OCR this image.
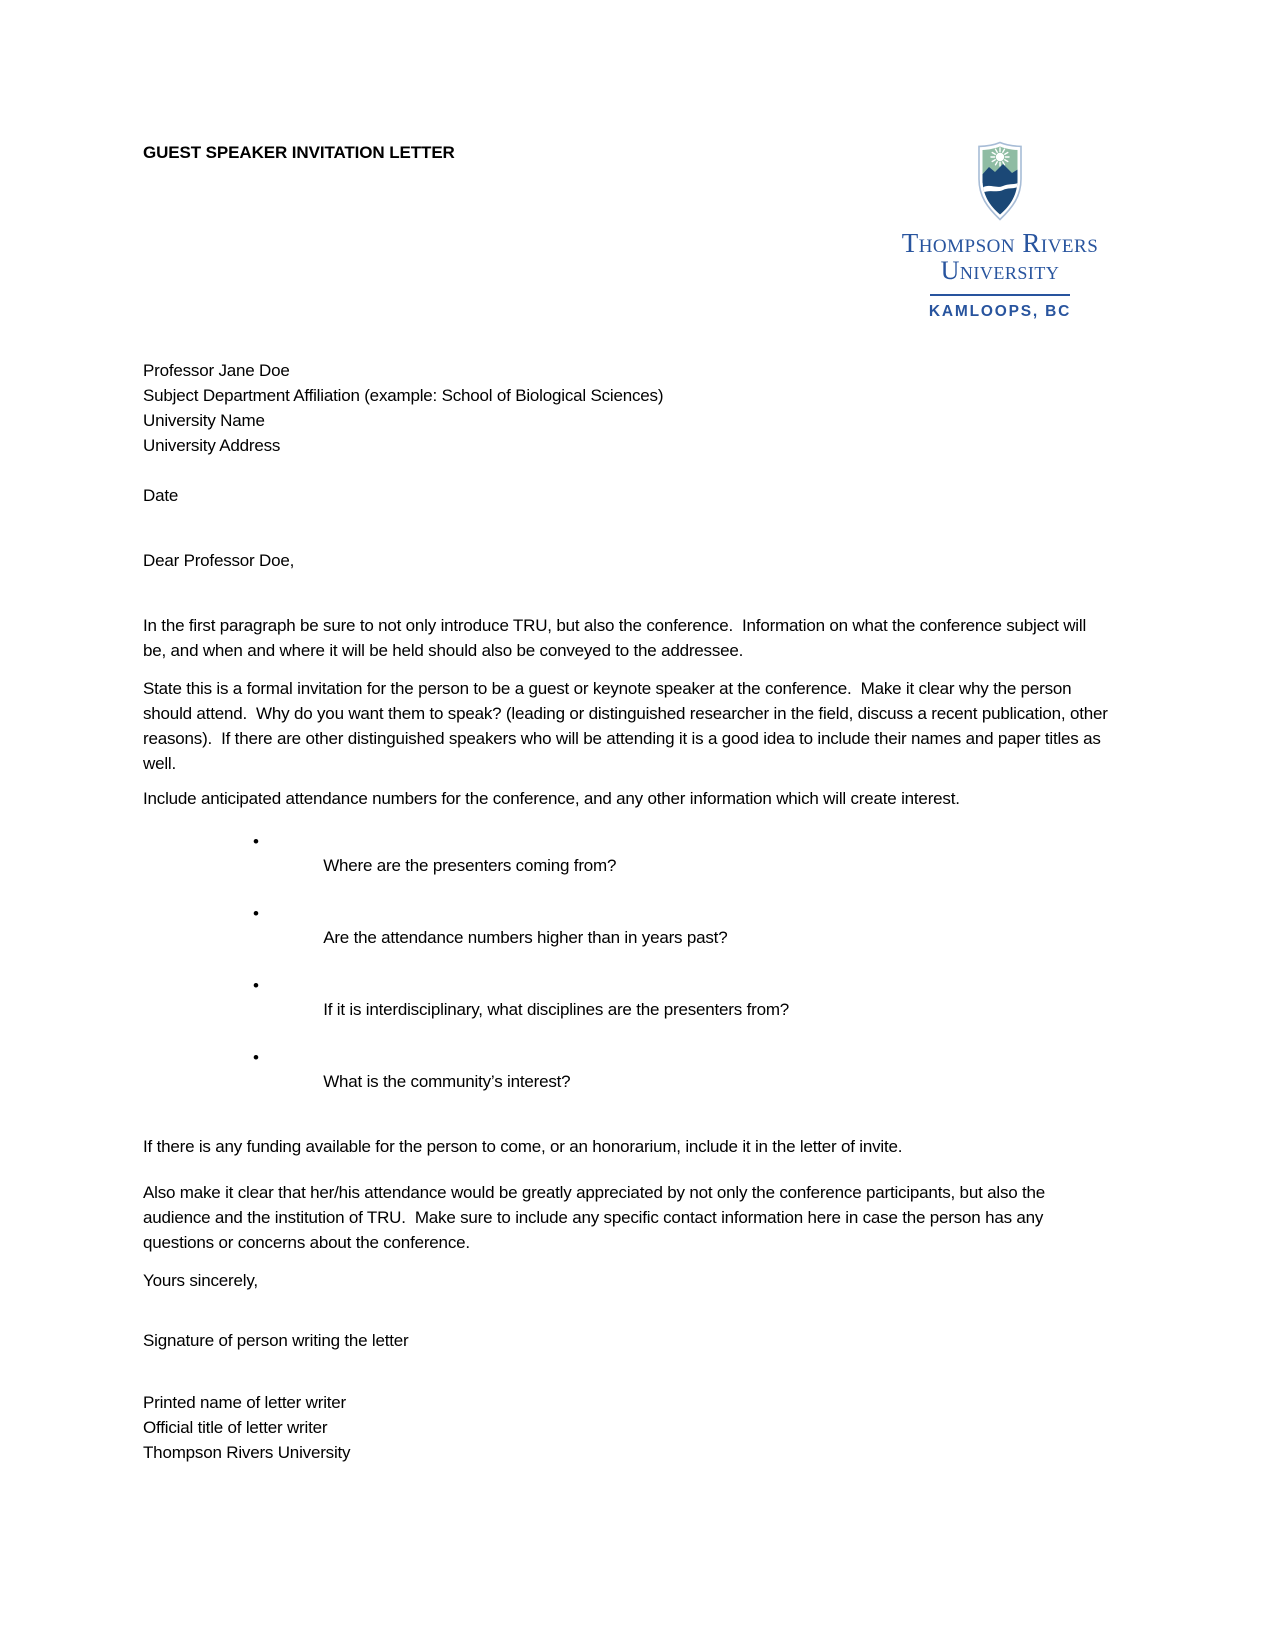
Thompson Rivers
University
KAMLOOPS, BC
GUEST SPEAKER INVITATION LETTER
Professor Jane Doe
Subject Department Affiliation (example: School of Biological Sciences)
University Name
University Address

Date

Dear Professor Doe,

In the first paragraph be sure to not only introduce TRU, but also the conference.  Information on what the conference subject will be, and when and where it will be held should also be conveyed to the addressee.

State this is a formal invitation for the person to be a guest or keynote speaker at the conference.  Make it clear why the person should attend.  Why do you want them to speak? (leading or distinguished researcher in the field, discuss a recent publication, other reasons).  If there are other distinguished speakers who will be attending it is a good idea to include their names and paper titles as well.

Include anticipated attendance numbers for the conference, and any other information which will create interest.

•
Where are the presenters coming from?

•
Are the attendance numbers higher than in years past?

•
If it is interdisciplinary, what disciplines are the presenters from?

•
What is the community’s interest?

If there is any funding available for the person to come, or an honorarium, include it in the letter of invite.

Also make it clear that her/his attendance would be greatly appreciated by not only the conference participants, but also the audience and the institution of TRU.  Make sure to include any specific contact information here in case the person has any questions or concerns about the conference.

Yours sincerely,

Signature of person writing the letter

Printed name of letter writer
Official title of letter writer
Thompson Rivers University
